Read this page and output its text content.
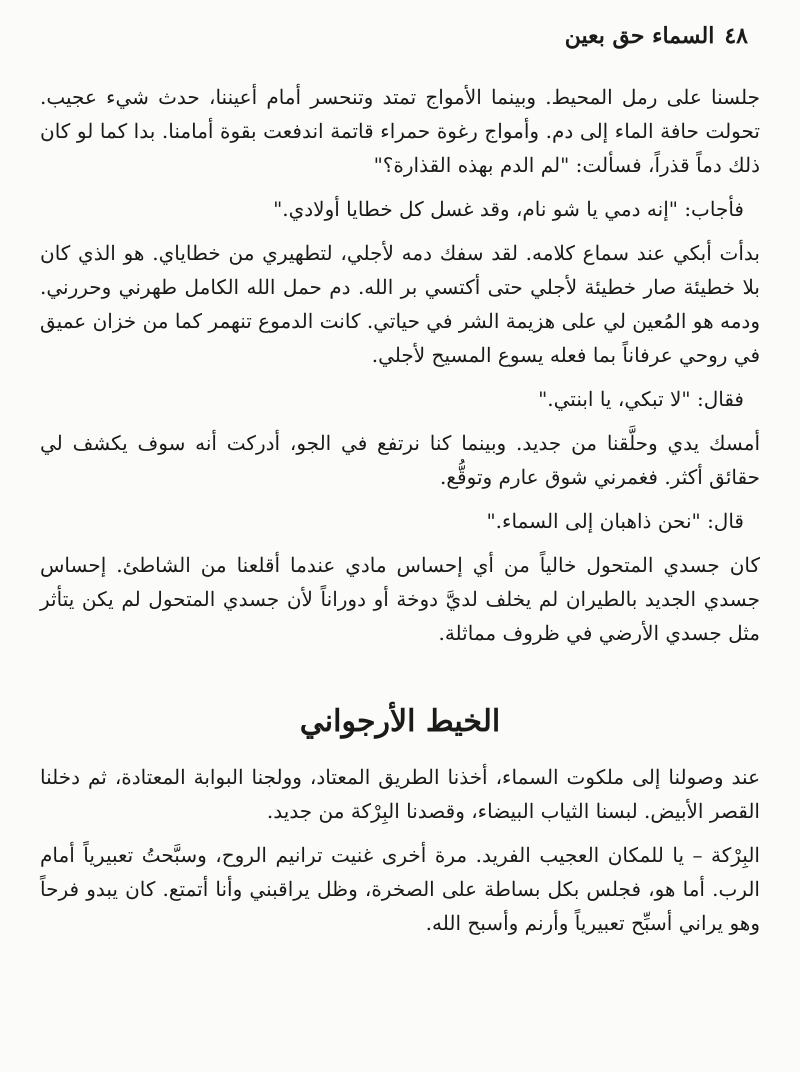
٤٨
السماء حق بعين

جلسنا على رمل المحيط. وبينما الأمواج تمتد وتنحسر أمام أعيننا، حدث شيء عجيب. تحولت حافة الماء إلى دم. وأمواج رغوة حمراء قاتمة اندفعت بقوة أمامنا. بدا كما لو كان ذلك دماً قذراً، فسألت: "لم الدم بهذه القذارة؟"

فأجاب: "إنه دمي يا شو نام، وقد غسل كل خطايا أولادي."

بدأت أبكي عند سماع كلامه. لقد سفك دمه لأجلي، لتطهيري من خطاياي. هو الذي كان بلا خطيئة صار خطيئة لأجلي حتى أكتسي بر الله. دم حمل الله الكامل طهرني وحررني. ودمه هو المُعين لي على هزيمة الشر في حياتي. كانت الدموع تنهمر كما من خزان عميق في روحي عرفاناً بما فعله يسوع المسيح لأجلي.

فقال: "لا تبكي، يا ابنتي."

أمسك يدي وحلَّقنا من جديد. وبينما كنا نرتفع في الجو، أدركت أنه سوف يكشف لي حقائق أكثر. فغمرني شوق عارم وتوقُّع.

قال: "نحن ذاهبان إلى السماء."

كان جسدي المتحول خالياً من أي إحساس مادي عندما أقلعنا من الشاطئ. إحساس جسدي الجديد بالطيران لم يخلف لديَّ دوخة أو دوراناً لأن جسدي المتحول لم يكن يتأثر مثل جسدي الأرضي في ظروف مماثلة.

الخيط الأرجواني

عند وصولنا إلى ملكوت السماء، أخذنا الطريق المعتاد، وولجنا البوابة المعتادة، ثم دخلنا القصر الأبيض. لبسنا الثياب البيضاء، وقصدنا البِرْكة من جديد.

البِرْكة – يا للمكان العجيب الفريد. مرة أخرى غنيت ترانيم الروح، وسبَّحتُ تعبيرياً أمام الرب. أما هو، فجلس بكل بساطة على الصخرة، وظل يراقبني وأنا أتمتع. كان يبدو فرحاً وهو يراني أسبِّح تعبيرياً وأرنم وأسبح الله.
